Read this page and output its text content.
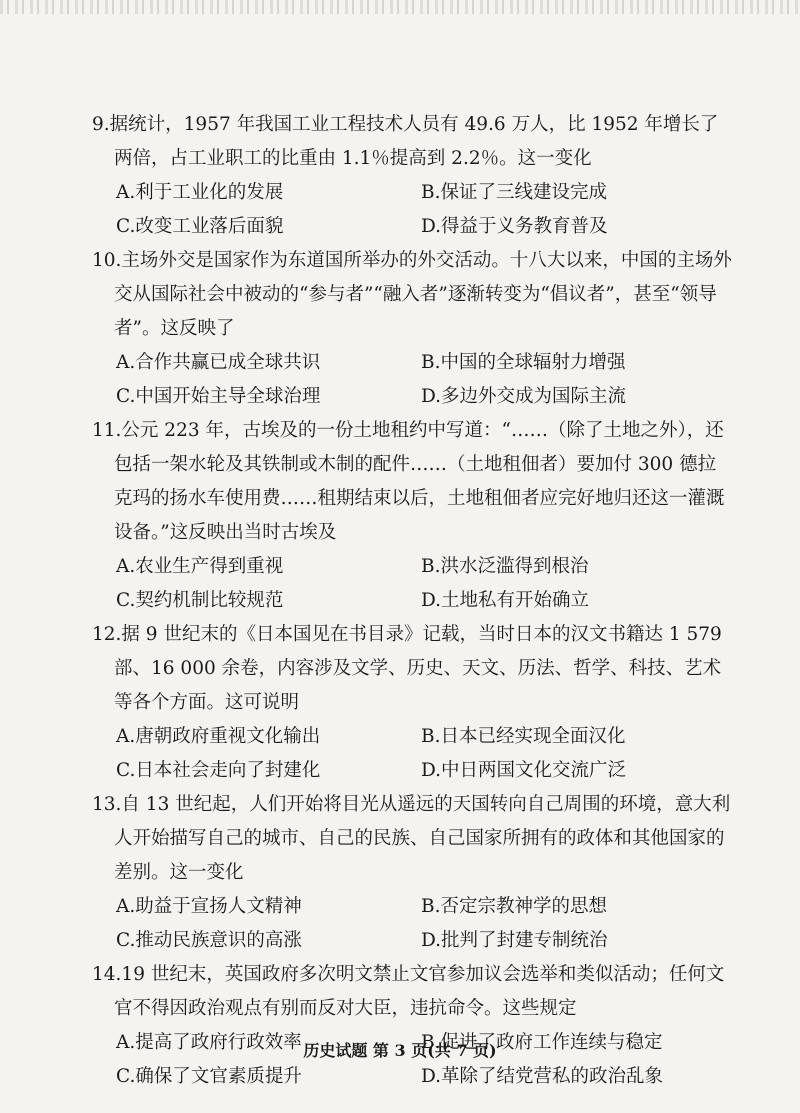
9.据统计，1957 年我国工业工程技术人员有 49.6 万人，比 1952 年增长了两倍，占工业职工的比重由 1.1％提高到 2.2％。这一变化

A.利于工业化的发展	B.保证了三线建设完成
C.改变工业落后面貌	D.得益于义务教育普及

10.主场外交是国家作为东道国所举办的外交活动。十八大以来，中国的主场外交从国际社会中被动的“参与者”“融入者”逐渐转变为“倡议者”，甚至“领导者”。这反映了

A.合作共赢已成全球共识	B.中国的全球辐射力增强
C.中国开始主导全球治理	D.多边外交成为国际主流

11.公元 223 年，古埃及的一份土地租约中写道：“……（除了土地之外），还包括一架水轮及其铁制或木制的配件……（土地租佃者）要加付 300 德拉克玛的扬水车使用费……租期结束以后，土地租佃者应完好地归还这一灌溉设备。”这反映出当时古埃及

A.农业生产得到重视	B.洪水泛滥得到根治
C.契约机制比较规范	D.土地私有开始确立

12.据 9 世纪末的《日本国见在书目录》记载，当时日本的汉文书籍达 1 579 部、16 000 余卷，内容涉及文学、历史、天文、历法、哲学、科技、艺术等各个方面。这可说明

A.唐朝政府重视文化输出	B.日本已经实现全面汉化
C.日本社会走向了封建化	D.中日两国文化交流广泛

13.自 13 世纪起，人们开始将目光从遥远的天国转向自己周围的环境，意大利人开始描写自己的城市、自己的民族、自己国家所拥有的政体和其他国家的差别。这一变化

A.助益于宣扬人文精神	B.否定宗教神学的思想
C.推动民族意识的高涨	D.批判了封建专制统治

14.19 世纪末，英国政府多次明文禁止文官参加议会选举和类似活动；任何文官不得因政治观点有别而反对大臣，违抗命令。这些规定

A.提高了政府行政效率	B.促进了政府工作连续与稳定
C.确保了文官素质提升	D.革除了结党营私的政治乱象
历史试题 第 3 页(共 7 页)
